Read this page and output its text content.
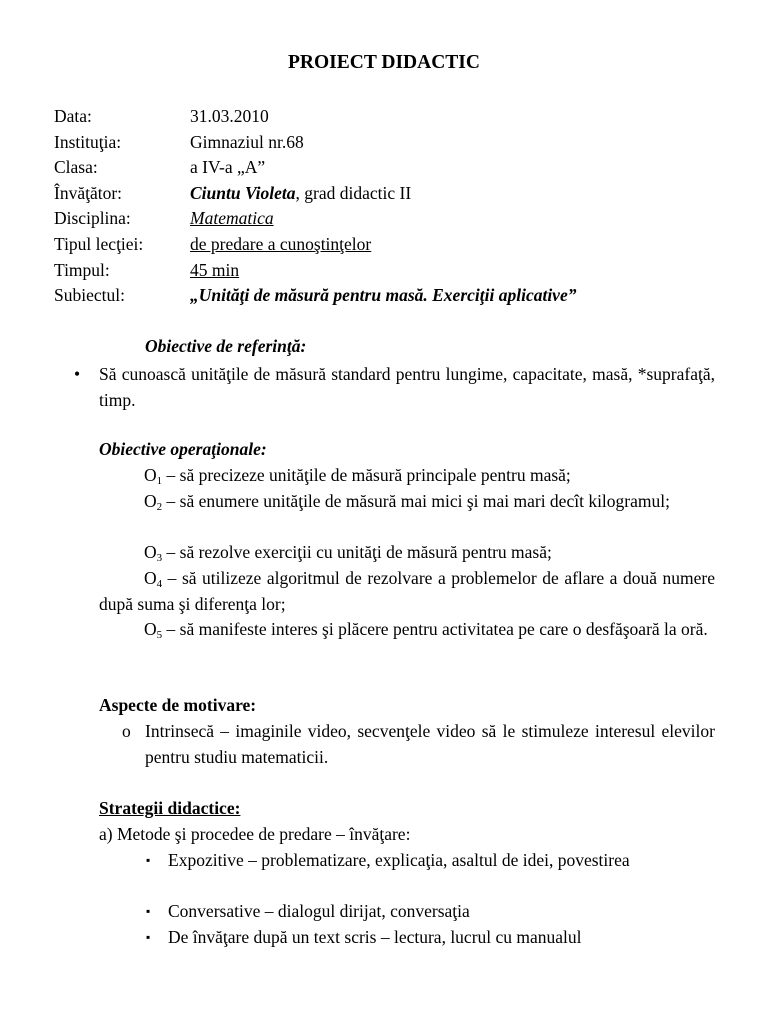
PROIECT DIDACTIC
Data:	31.03.2010
Instituţia:	Gimnaziul nr.68
Clasa:	a IV-a „A”
Învăţător:	Ciuntu Violeta, grad didactic II
Disciplina:	Matematica
Tipul lecţiei:	de predare a cunoştinţelor
Timpul:	45 min
Subiectul:	„Unităţi de măsură pentru masă. Exerciţii aplicative”
Obiective de referinţă:
• Să cunoască unităţile de măsură standard pentru lungime, capacitate, masă, *suprafaţă, timp.
Obiective operaţionale:
$O_1$ – să precizeze unităţile de măsură principale pentru masă;
$O_2$ – să enumere unităţile de măsură mai mici şi mai mari decît kilogramul;
$O_3$ – să rezolve exerciţii cu unităţi de măsură pentru masă;
$O_4$ – să utilizeze algoritmul de rezolvare a problemelor de aflare a două numere după suma şi diferenţa lor;
$O_5$ – să manifeste interes şi plăcere pentru activitatea pe care o desfăşoară la oră.
Aspecte de motivare:
o Intrinsecă – imaginile video, secvenţele video să le stimuleze interesul elevilor pentru studiu matematicii.
Strategii didactice:
a) Metode şi procedee de predare – învăţare:
▪ Expozitive – problematizare, explicaţia, asaltul de idei, povestirea
▪ Conversative – dialogul dirijat, conversaţia
▪ De învăţare după un text scris – lectura, lucrul cu manualul
